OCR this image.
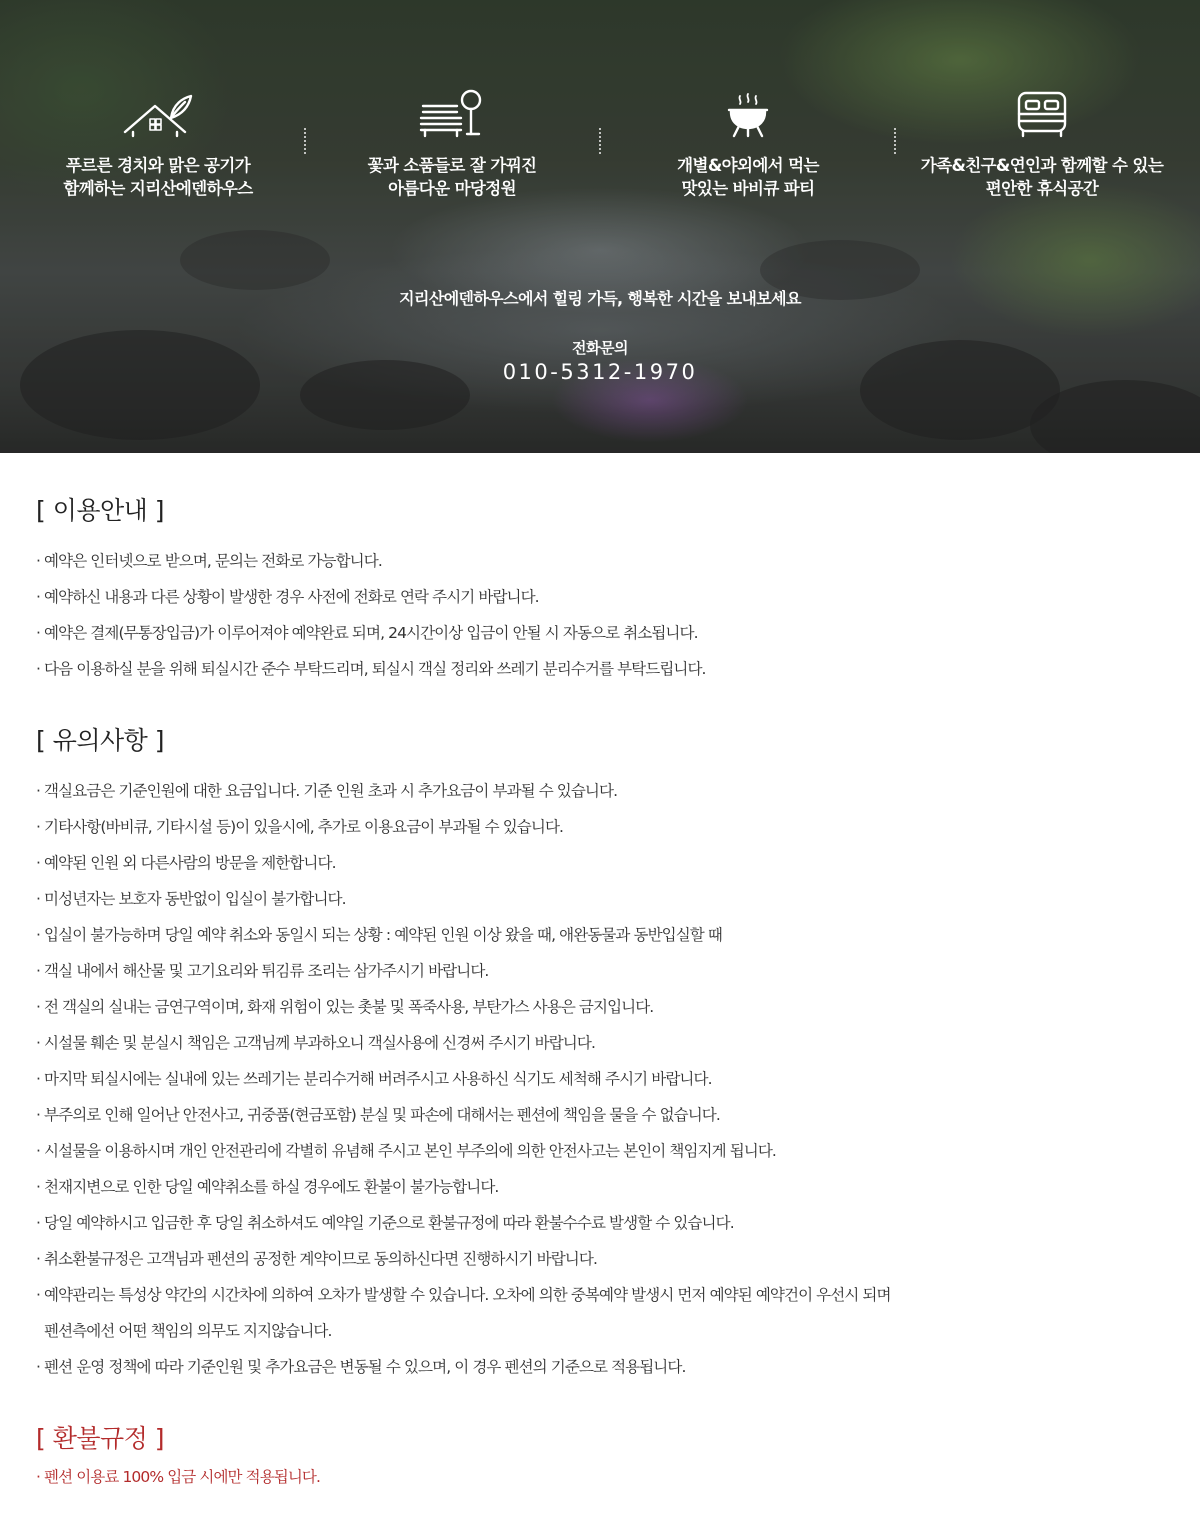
푸르른 경치와 맑은 공기가
함께하는 지리산에덴하우스
꽃과 소품들로 잘 가꿔진
아름다운 마당정원
개별&야외에서 먹는
맛있는 바비큐 파티
가족&친구&연인과 함께할 수 있는
편안한 휴식공간
지리산에덴하우스에서 힐링 가득, 행복한 시간을 보내보세요
전화문의
010-5312-1970
[ 이용안내 ]
· 예약은 인터넷으로 받으며, 문의는 전화로 가능합니다.
· 예약하신 내용과 다른 상황이 발생한 경우 사전에 전화로 연락 주시기 바랍니다.
· 예약은 결제(무통장입금)가 이루어져야 예약완료 되며, 24시간이상 입금이 안될 시 자동으로 취소됩니다.
· 다음 이용하실 분을 위해 퇴실시간 준수 부탁드리며, 퇴실시 객실 정리와 쓰레기 분리수거를 부탁드립니다.
[ 유의사항 ]
· 객실요금은 기준인원에 대한 요금입니다. 기준 인원 초과 시 추가요금이 부과될 수 있습니다.
· 기타사항(바비큐, 기타시설 등)이 있을시에, 추가로 이용요금이 부과될 수 있습니다.
· 예약된 인원 외 다른사람의 방문을 제한합니다.
· 미성년자는 보호자 동반없이 입실이 불가합니다.
· 입실이 불가능하며 당일 예약 취소와 동일시 되는 상황 : 예약된 인원 이상 왔을 때, 애완동물과 동반입실할 때
· 객실 내에서 해산물 및 고기요리와 튀김류 조리는 삼가주시기 바랍니다.
· 전 객실의 실내는 금연구역이며, 화재 위험이 있는 촛불 및 폭죽사용, 부탄가스 사용은 금지입니다.
· 시설물 훼손 및 분실시 책임은 고객님께 부과하오니 객실사용에 신경써 주시기 바랍니다.
· 마지막 퇴실시에는 실내에 있는 쓰레기는 분리수거해 버려주시고 사용하신 식기도 세척해 주시기 바랍니다.
· 부주의로 인해 일어난 안전사고, 귀중품(현금포함) 분실 및 파손에 대해서는 펜션에 책임을 물을 수 없습니다.
· 시설물을 이용하시며 개인 안전관리에 각별히 유념해 주시고 본인 부주의에 의한 안전사고는 본인이 책임지게 됩니다.
· 천재지변으로 인한 당일 예약취소를 하실 경우에도 환불이 불가능합니다.
· 당일 예약하시고 입금한 후 당일 취소하셔도 예약일 기준으로 환불규정에 따라 환불수수료 발생할 수 있습니다.
· 취소환불규정은 고객님과 펜션의 공정한 계약이므로 동의하신다면 진행하시기 바랍니다.
· 예약관리는 특성상 약간의 시간차에 의하여 오차가 발생할 수 있습니다. 오차에 의한 중복예약 발생시 먼저 예약된 예약건이 우선시 되며
펜션측에선 어떤 책임의 의무도 지지않습니다.
· 펜션 운영 정책에 따라 기준인원 및 추가요금은 변동될 수 있으며, 이 경우 펜션의 기준으로 적용됩니다.
[ 환불규정 ]
· 펜션 이용료 100% 입금 시에만 적용됩니다.
